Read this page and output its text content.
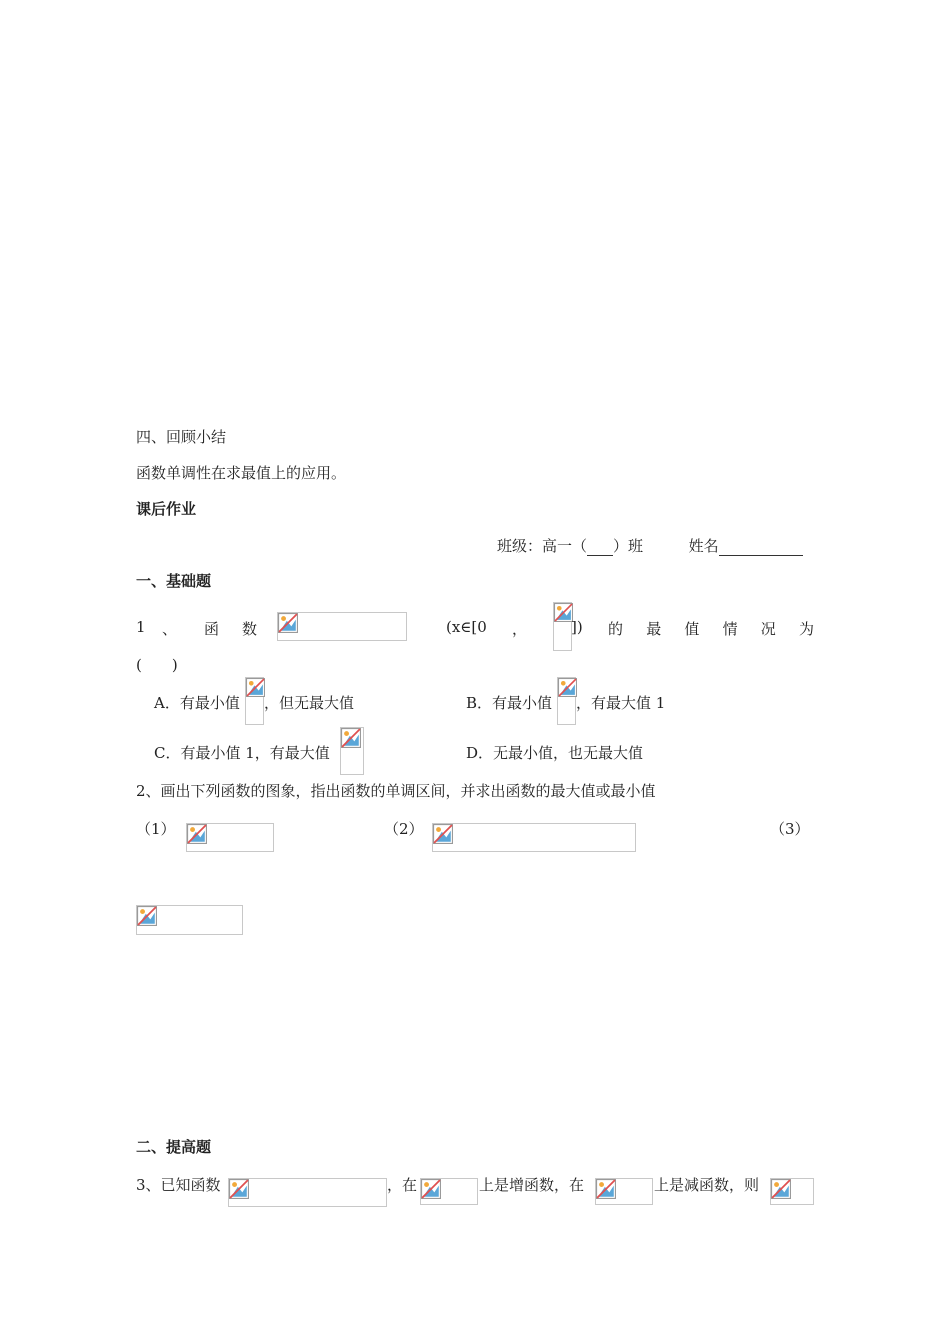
四、回顾小结
函数单调性在求最值上的应用。
课后作业
班级：高一（ ）班	姓名
一、基础题
1 、 函 数	(x∈[0 ，	]) 的 最 值 情 况 为
(　　)
A．有最小值 ，但无最大值	B．有最小值 ，有最大值 1
C．有最小值 1，有最大值	D．无最小值，也无最大值
2、画出下列函数的图象，指出函数的单调区间，并求出函数的最大值或最小值
（1）	（2）	（3）
二、提高题
3、已知函数	，在	上是增函数，在	上是减函数，则
